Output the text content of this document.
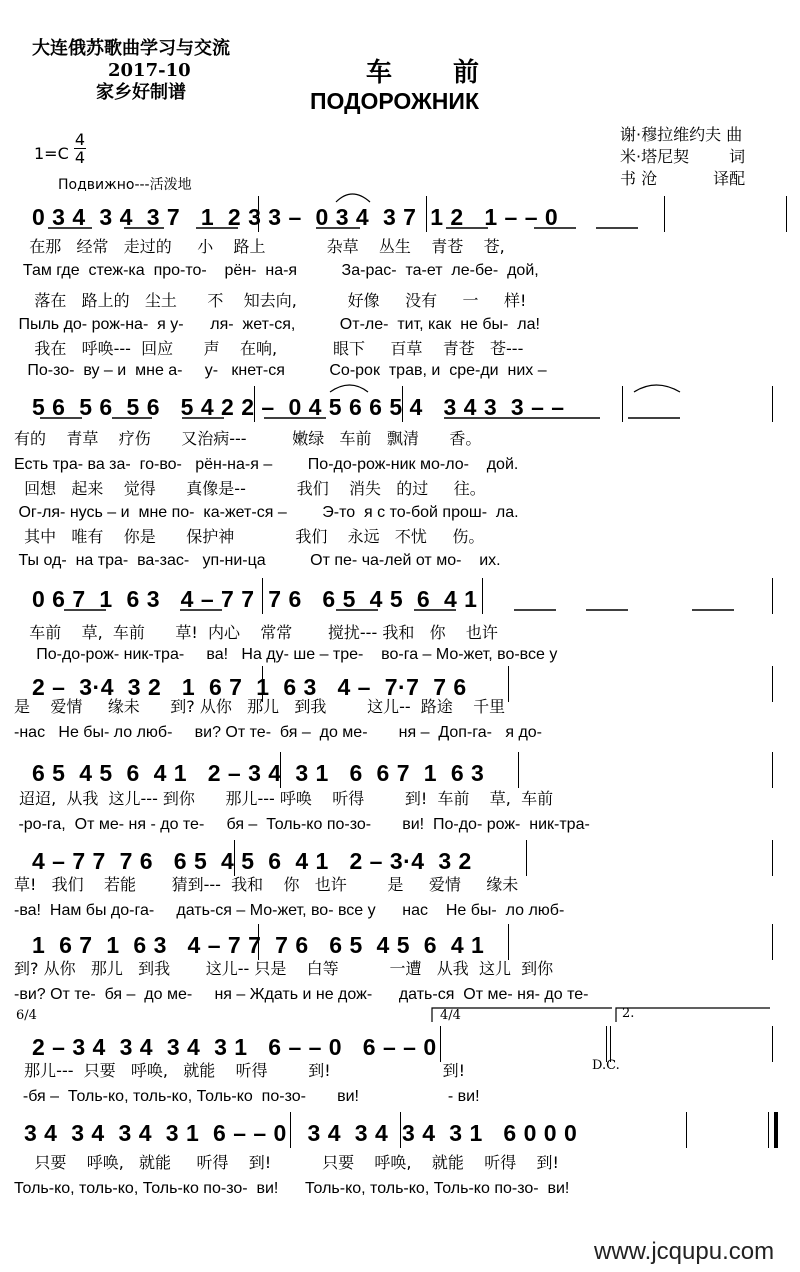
大连俄苏歌曲学习与交流
2017-10
家乡好制谱
车 前
ПОДОРОЖНИК
谢·穆拉维约夫 曲
米·塔尼契	词
书 沧	译配
1=C
4
4
Подвижно---活泼地
0 3 4  3 4  3 7   1  2 3 3 –  0 3 4  3 7  1 2   1 – – 0
在那   经常   走过的     小    路上            杂草    丛生    青苍    苍,
Там где  стеж-ка  про-то-    рён-  на-я          За-рас-  та-ет  ле-бе-  дой,
落在   路上的   尘土      不    知去向,          好像     没有     一     样!
Пыль до- рож-на-  я у-      ля-  жет-ся,          От-ле-  тит, как  не бы-  ла!
我在   呼唤---  回应      声    在响,           眼下     百草    青苍   苍---
По-зо-  ву – и  мне а-     у-   кнет-ся          Со-рок  трав, и  сре-ди  них –
5 6  5 6  5 6   5 4 2 2 –  0 4 5 6 6 5 4   3 4 3  3 – –
有的    青草    疗伤      又治病---         嫩绿   车前   飘清      香。
Есть тра- ва за-  го-во-   рён-на-я –        По-до-рож-ник мо-ло-    дой.
回想   起来    觉得      真像是--          我们    消失   的过     往。
Ог-ля- нусь – и  мне по-  ка-жет-ся –        Э-то  я с то-бой прош-  ла.
其中   唯有    你是      保护神            我们    永远   不忧     伤。
Ты од-  на тра-  ва-зас-   уп-ни-ца          От пе- ча-лей от мо-    их.
0 6 7  1  6 3   4 – 7 7  7 6   6 5  4 5  6  4 1
车前    草,  车前      草!  内心    常常       搅扰--- 我和   你    也许
По-до-рож- ник-тра-     ва!   На ду- ше – тре-    во-га – Мо-жет, во-все у
2 –  3·4  3 2   1  6 7  1  6 3   4 –  7·7  7 6
是    爱情     缘未      到? 从你   那儿   到我        这儿--  路途    千里
-нас   Не бы- ло люб-     ви? От те-  бя –  до ме-       ня –  Доп-га-   я до-
6 5  4 5  6  4 1   2 – 3 4  3 1   6  6 7  1  6 3
迢迢,  从我  这儿--- 到你      那儿--- 呼唤    听得        到!  车前    草,  车前
-ро-га,  От ме- ня - до те-     бя –  Толь-ко по-зо-       ви!  По-до- рож-  ник-тра-
4 – 7 7  7 6   6 5  4 5  6  4 1   2 – 3·4  3 2
草!   我们    若能       猜到---  我和    你   也许        是     爱情     缘未
-ва!  Нам бы до-га-     дать-ся – Мо-жет, во- все у      нас    Не бы-  ло люб-
1  6 7  1  6 3   4 – 7 7  7 6   6 5  4 5  6  4 1
到? 从你   那儿   到我       这儿-- 只是    白等          一遭   从我  这儿  到你
-ви? От те-  бя –  до ме-     ня – Ждать и не дож-      дать-ся  От ме- ня- до те-
6/4	4/4	2.
D.C.
2 – 3 4  3 4  3 4  3 1   6 – – 0   6 – – 0
那儿---  只要   呼唤,   就能    听得        到!                      到!
-бя –  Толь-ко, толь-ко, Толь-ко  по-зо-       ви!                    - ви!
3 4  3 4  3 4  3 1  6 – – 0   3 4  3 4  3 4  3 1   6 0 0 0
只要    呼唤,   就能     听得    到!          只要    呼唤,    就能    听得    到!
Толь-ко, толь-ко, Толь-ко по-зо-  ви!      Толь-ко, толь-ко, Толь-ко по-зо-  ви!
www.jcqupu.com
